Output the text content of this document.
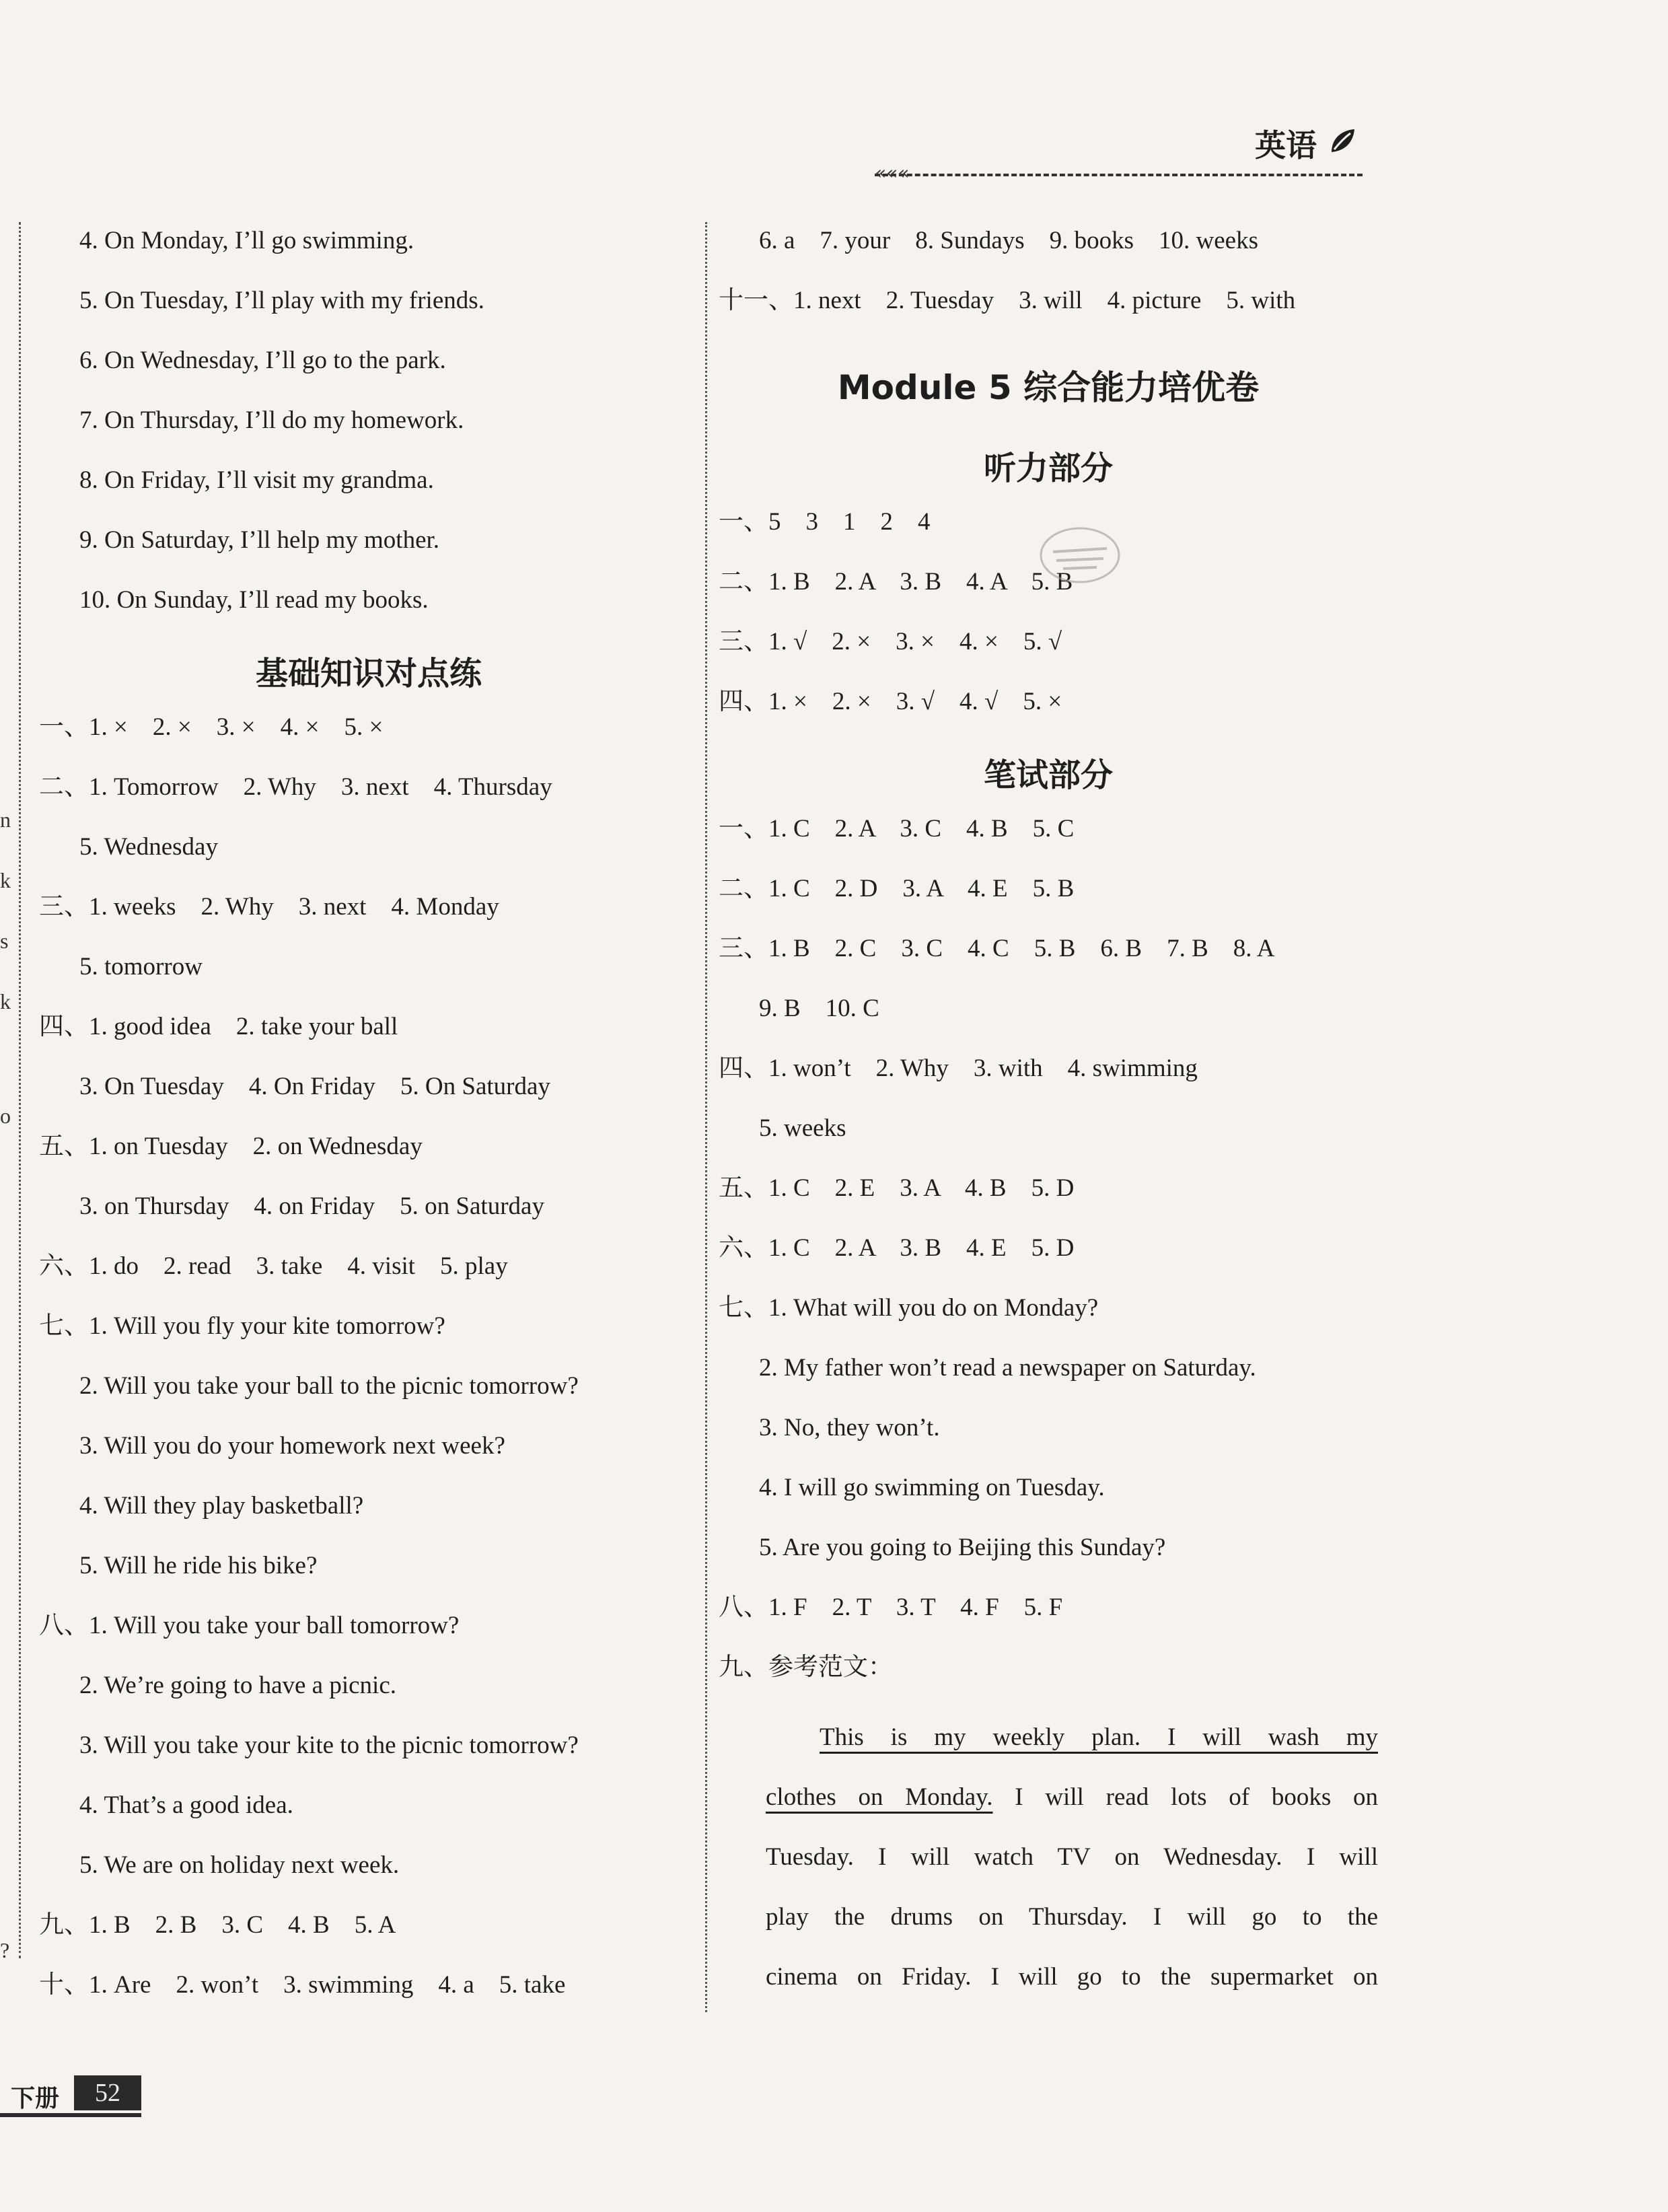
英语
«««
n
k
s
k
o
?
4. On Monday, I’ll go swimming.
5. On Tuesday, I’ll play with my friends.
6. On Wednesday, I’ll go to the park.
7. On Thursday, I’ll do my homework.
8. On Friday, I’ll visit my grandma.
9. On Saturday, I’ll help my mother.
10. On Sunday, I’ll read my books.
基础知识对点练
一、1. ×　2. ×　3. ×　4. ×　5. ×
二、1. Tomorrow　2. Why　3. next　4. Thursday
5. Wednesday
三、1. weeks　2. Why　3. next　4. Monday
5. tomorrow
四、1. good idea　2. take your ball
3. On Tuesday　4. On Friday　5. On Saturday
五、1. on Tuesday　2. on Wednesday
3. on Thursday　4. on Friday　5. on Saturday
六、1. do　2. read　3. take　4. visit　5. play
七、1. Will you fly your kite tomorrow?
2. Will you take your ball to the picnic tomorrow?
3. Will you do your homework next week?
4. Will they play basketball?
5. Will he ride his bike?
八、1. Will you take your ball tomorrow?
2. We’re going to have a picnic.
3. Will you take your kite to the picnic tomorrow?
4. That’s a good idea.
5. We are on holiday next week.
九、1. B　2. B　3. C　4. B　5. A
十、1. Are　2. won’t　3. swimming　4. a　5. take
6. a　7. your　8. Sundays　9. books　10. weeks
十一、1. next　2. Tuesday　3. will　4. picture　5. with
Module 5 综合能力培优卷
听力部分
一、5　3　1　2　4
二、1. B　2. A　3. B　4. A　5. B
三、1. √　2. ×　3. ×　4. ×　5. √
四、1. ×　2. ×　3. √　4. √　5. ×
笔试部分
一、1. C　2. A　3. C　4. B　5. C
二、1. C　2. D　3. A　4. E　5. B
三、1. B　2. C　3. C　4. C　5. B　6. B　7. B　8. A
9. B　10. C
四、1. won’t　2. Why　3. with　4. swimming
5. weeks
五、1. C　2. E　3. A　4. B　5. D
六、1. C　2. A　3. B　4. E　5. D
七、1. What will you do on Monday?
2. My father won’t read a newspaper on Saturday.
3. No, they won’t.
4. I will go swimming on Tuesday.
5. Are you going to Beijing this Sunday?
八、1. F　2. T　3. T　4. F　5. F
九、参考范文：
This is my weekly plan. I will wash my
clothes on Monday. I will read lots of books on
Tuesday. I will watch TV on Wednesday. I will
play the drums on Thursday. I will go to the
cinema on Friday. I will go to the supermarket on
下册	52
